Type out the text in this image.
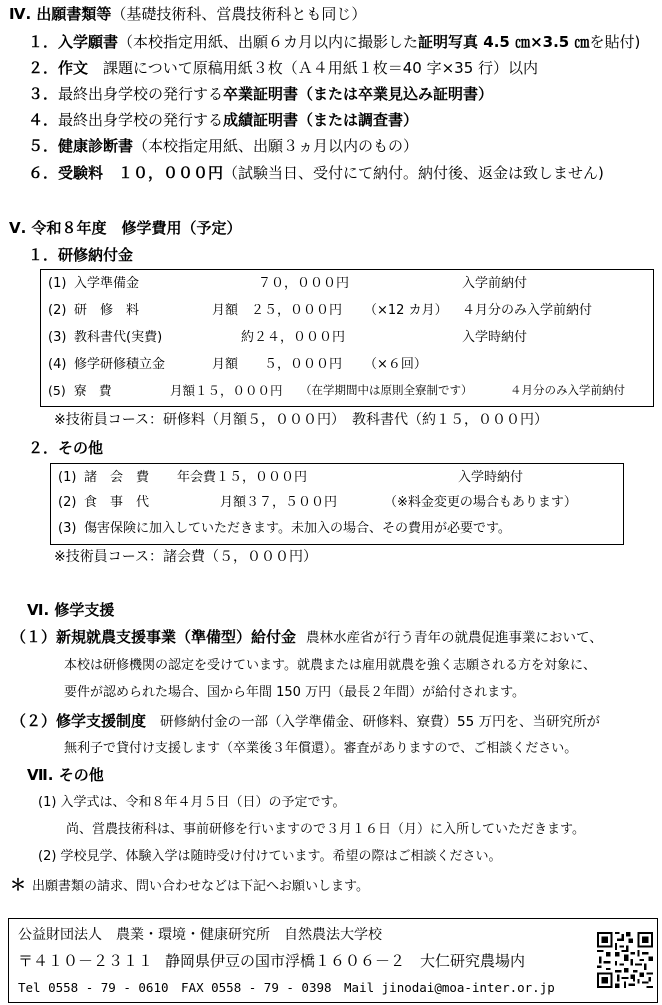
Ⅳ. 出願書類等（基礎技術科、営農技術科とも同じ）
１．入学願書（本校指定用紙、出願６カ月以内に撮影した証明写真 4.5 ㎝×3.5 ㎝を貼付)
２．作文　課題について原稿用紙３枚（Ａ４用紙１枚＝40 字×35 行）以内
３．最終出身学校の発行する卒業証明書（または卒業見込み証明書）
４．最終出身学校の発行する成績証明書（または調査書）
５．健康診断書（本校指定用紙、出願３ヵ月以内のもの）
６．受験料　１０，０００円（試験当日、受付にて納付。納付後、返金は致しません)
Ⅴ. 令和８年度　修学費用（予定）
１．研修納付金
(1) 入学準備金	７０，０００円	入学前納付
(2) 研　修　料	月額　２５，０００円 （×12 カ月） ４月分のみ入学前納付
(3) 教科書代(実費)	約２４，０００円	入学時納付
(4) 修学研修積立金	月額　　５，０００円 （×６回）
(5) 寮　費	月額１５，０００円 （在学期間中は原則全寮制です）	４月分のみ入学前納付
※技術員コース：研修料（月額５，０００円）　教科書代（約１５，０００円）
２．その他
(1) 諸　会　費 年会費１５，０００円	入学時納付
(2) 食　事　代	月額３７，５００円	（※料金変更の場合もあります）
(3) 傷害保険に加入していただきます。未加入の場合、その費用が必要です。
※技術員コース：諸会費（５，０００円）
Ⅵ. 修学支援
（１）新規就農支援事業（準備型）給付金 農林水産省が行う青年の就農促進事業において、
本校は研修機関の認定を受けています。就農または雇用就農を強く志願される方を対象に、
要件が認められた場合、国から年間 150 万円（最長２年間）が給付されます。
（２）修学支援制度 研修納付金の一部（入学準備金、研修料、寮費）55 万円を、当研究所が
無利子で貸付け支援します（卒業後３年償還）。審査がありますので、ご相談ください。
Ⅶ. その他
(1) 入学式は、令和８年４月５日（日）の予定です。
尚、営農技術科は、事前研修を行いますので３月１６日（月）に入所していただきます。
(2) 学校見学、体験入学は随時受け付けています。希望の際はご相談ください。
＊ 出願書類の請求、問い合わせなどは下記へお願いします。
公益財団法人　農業・環境・健康研究所　自然農法大学校
〒４１０－２３１１ 静岡県伊豆の国市浮橋１６０６－２　大仁研究農場内
Tel 0558 - 79 - 0610　FAX 0558 - 79 - 0398　Mail jinodai@moa-inter.or.jp
